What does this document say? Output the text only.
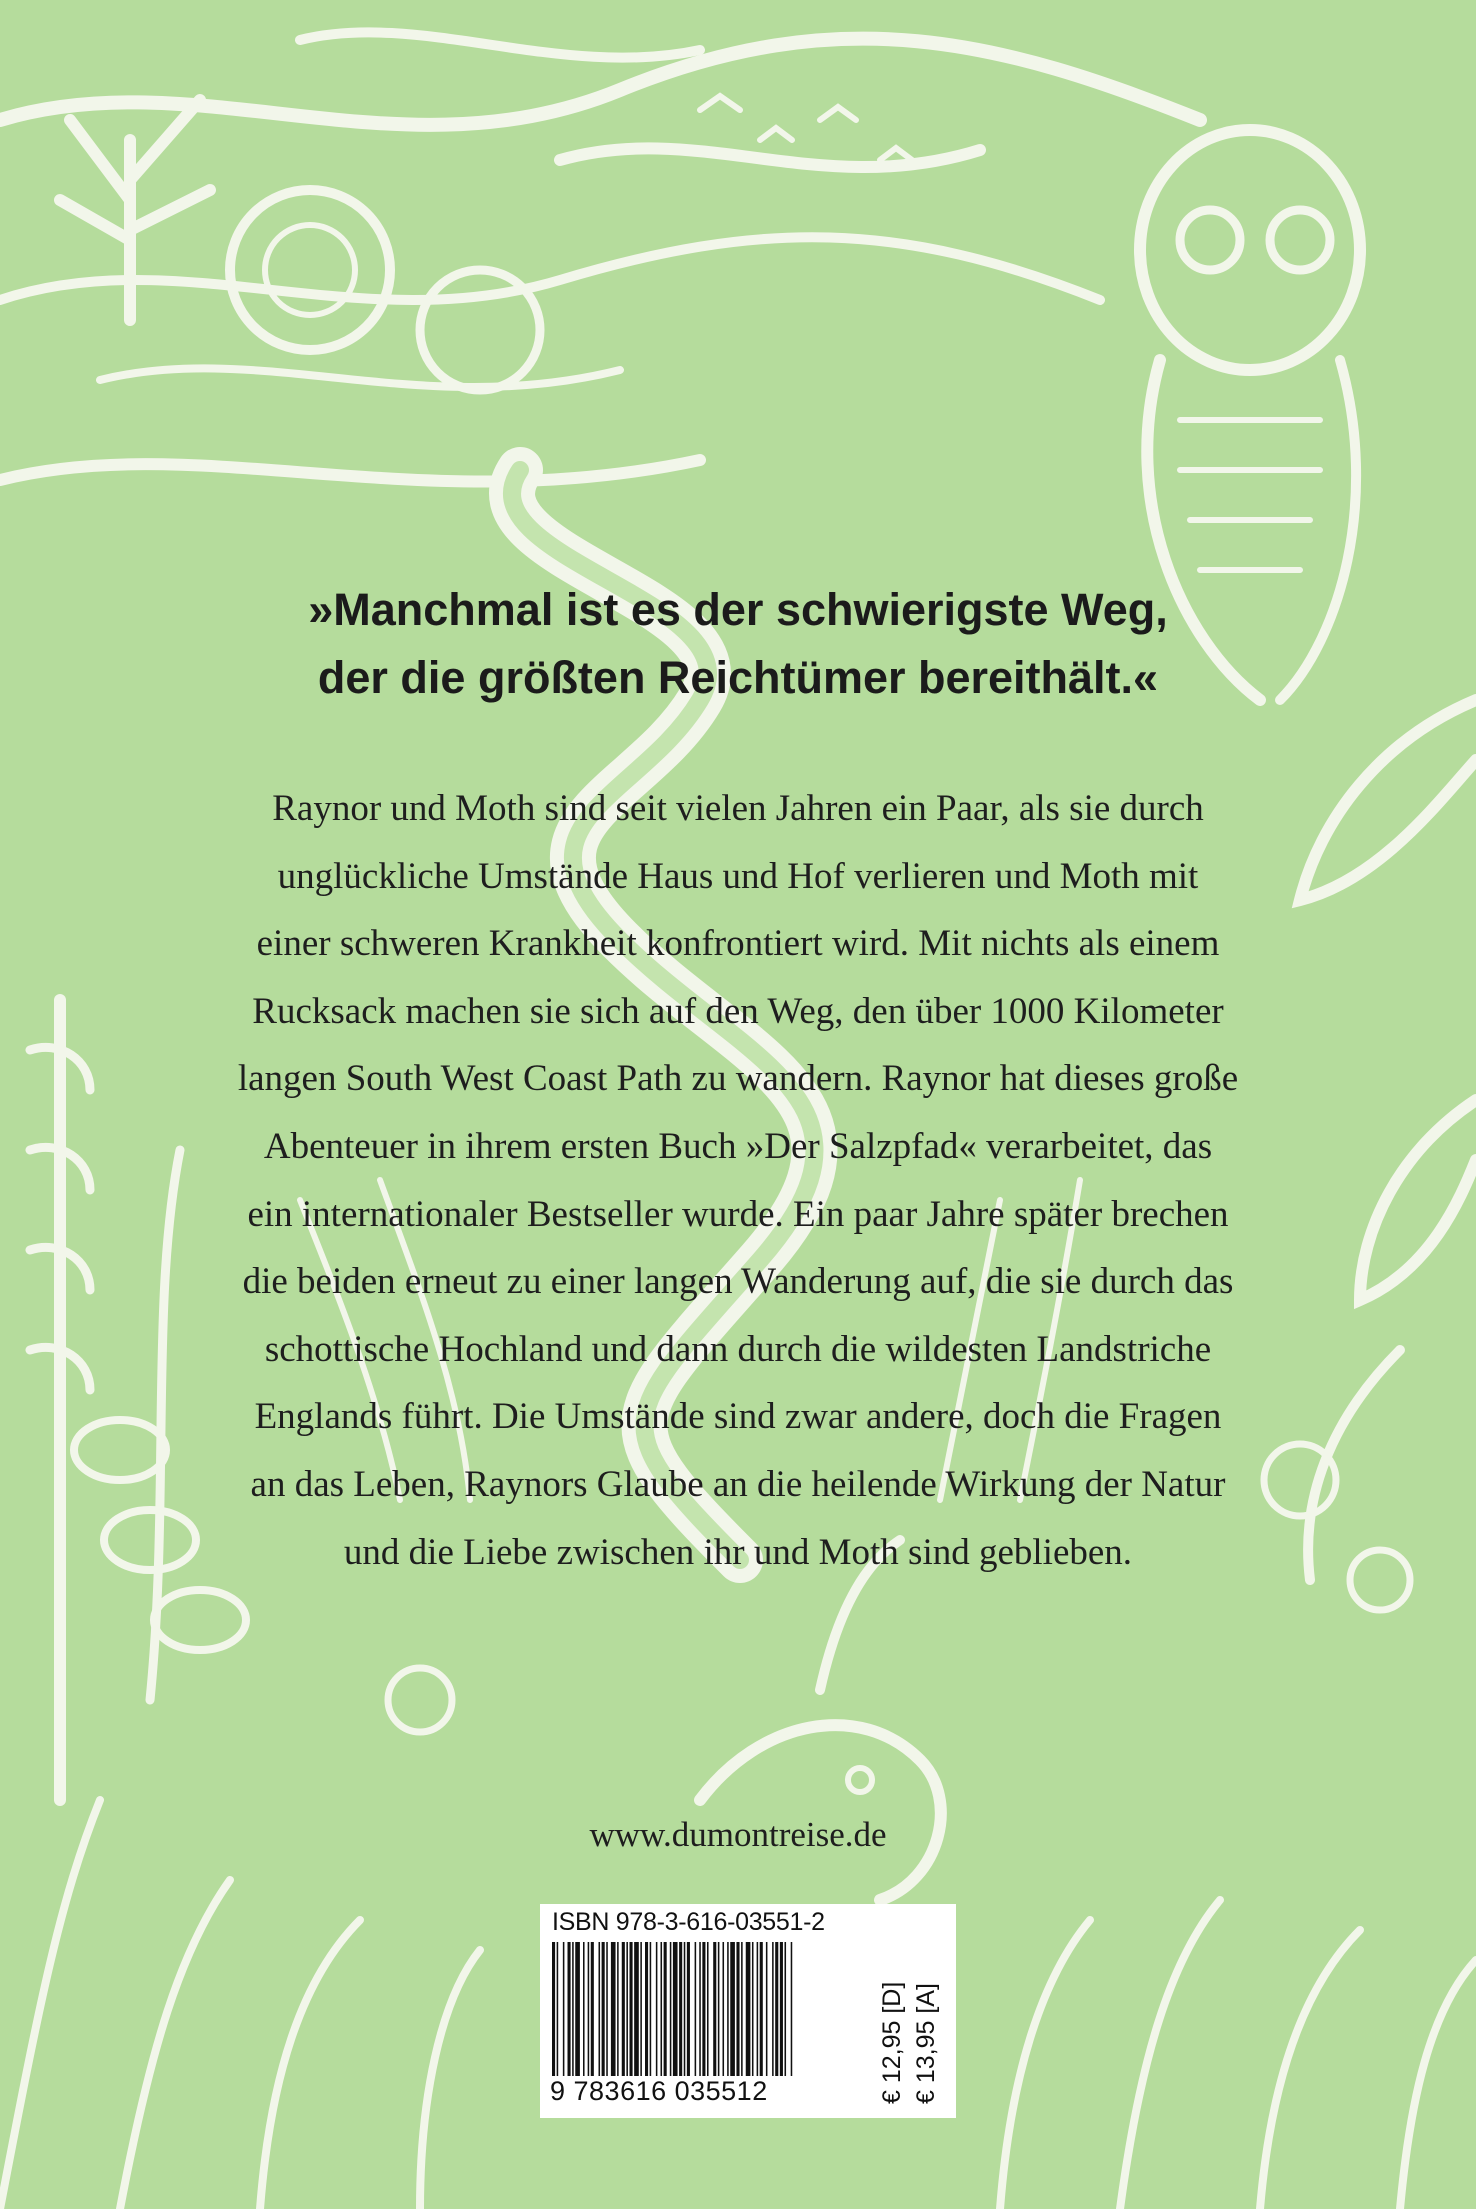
»Manchmal ist es der schwierigste Weg,
der die größten Reichtümer bereithält.«
Raynor und Moth sind seit vielen Jahren ein Paar, als sie durch
unglückliche Umstände Haus und Hof verlieren und Moth mit
einer schweren Krankheit konfrontiert wird. Mit nichts als einem
Rucksack machen sie sich auf den Weg, den über 1000 Kilometer
langen South West Coast Path zu wandern. Raynor hat dieses große
Abenteuer in ihrem ersten Buch »Der Salzpfad« verarbeitet, das
ein internationaler Bestseller wurde. Ein paar Jahre später brechen
die beiden erneut zu einer langen Wanderung auf, die sie durch das
schottische Hochland und dann durch die wildesten Landstriche
Englands führt. Die Umstände sind zwar andere, doch die Fragen
an das Leben, Raynors Glaube an die heilende Wirkung der Natur
und die Liebe zwischen ihr und Moth sind geblieben.
www.dumontreise.de
ISBN 978-3-616-03551-2
9 783616 035512	€ 12,95 [D] € 13,95 [A]
